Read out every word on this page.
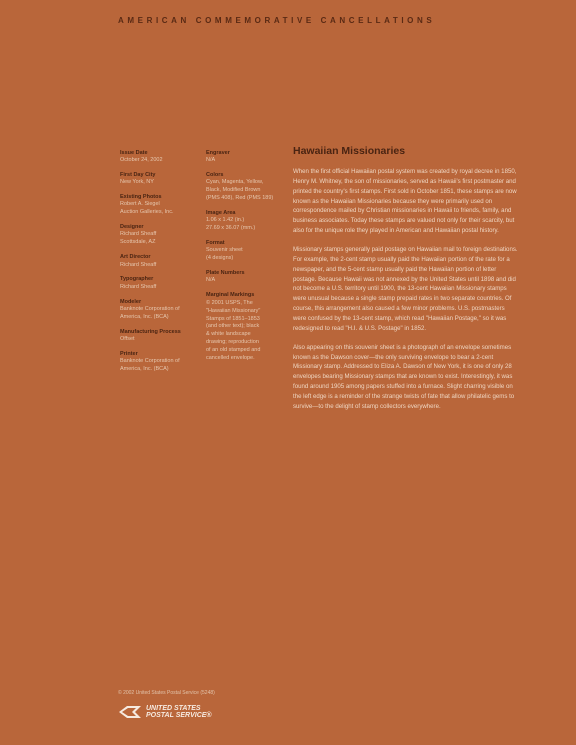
AMERICAN COMMEMORATIVE CANCELLATIONS
Issue Date
October 24, 2002
First Day City
New York, NY
Existing Photos
Robert A. Siegel
Auction Galleries, Inc.
Designer
Richard Sheaff
Scottsdale, AZ
Art Director
Richard Sheaff
Typographer
Richard Sheaff
Modeler
Banknote Corporation of
America, Inc. (BCA)
Manufacturing Process
Offset
Printer
Banknote Corporation of
America, Inc. (BCA)
Engraver
N/A
Colors
Cyan, Magenta, Yellow,
Black, Modified Brown
(PMS 408), Red (PMS 189)
Image Area
1.06 x 1.42 (in.)
27.69 x 36.07 (mm.)
Format
Souvenir sheet
(4 designs)
Plate Numbers
N/A
Marginal Markings
© 2001 USPS, The
"Hawaiian Missionary"
Stamps of 1851–1853
(and other text); black
& white landscape
drawing; reproduction
of an old stamped and
cancelled envelope.
Hawaiian Missionaries

When the first official Hawaiian postal system was created by royal decree in 1850, Henry M. Whitney, the son of missionaries, served as Hawaii's first postmaster and printed the country's first stamps. First sold in October 1851, these stamps are now known as the Hawaiian Missionaries because they were primarily used on correspondence mailed by Christian missionaries in Hawaii to friends, family, and business associates. Today these stamps are valued not only for their scarcity, but also for the unique role they played in American and Hawaiian postal history.

Missionary stamps generally paid postage on Hawaiian mail to foreign destinations. For example, the 2-cent stamp usually paid the Hawaiian portion of the rate for a newspaper, and the 5-cent stamp usually paid the Hawaiian portion of letter postage. Because Hawaii was not annexed by the United States until 1898 and did not become a U.S. territory until 1900, the 13-cent Hawaiian Missionary stamps were unusual because a single stamp prepaid rates in two separate countries. Of course, this arrangement also caused a few minor problems. U.S. postmasters were confused by the 13-cent stamp, which read "Hawaiian Postage," so it was redesigned to read "H.I. & U.S. Postage" in 1852.

Also appearing on this souvenir sheet is a photograph of an envelope sometimes known as the Dawson cover—the only surviving envelope to bear a 2-cent Missionary stamp. Addressed to Eliza A. Dawson of New York, it is one of only 28 envelopes bearing Missionary stamps that are known to exist. Interestingly, it was found around 1905 among papers stuffed into a furnace. Slight charring visible on the left edge is a reminder of the strange twists of fate that allow philatelic gems to survive—to the delight of stamp collectors everywhere.

© 2002 United States Postal Service (5248)
UNITED STATES
POSTAL SERVICE®
